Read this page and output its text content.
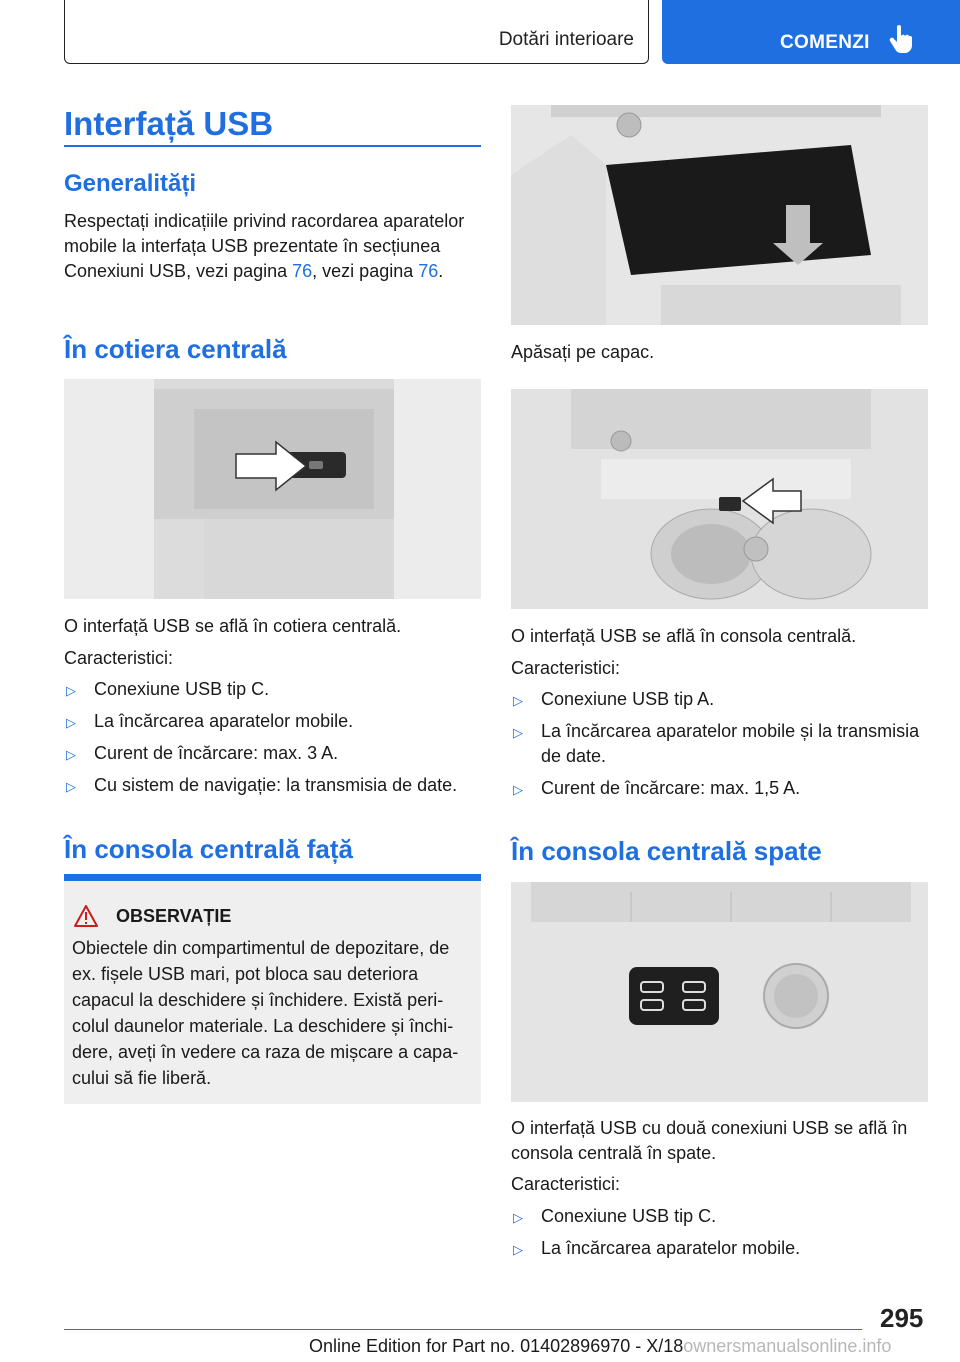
Dotări interioare	COMENZI
Interfață USB
Generalități

Respectați indicațiile privind racordarea aparatelor mobile la interfața USB prezentate în secțiunea Conexiuni USB, vezi pagina 76, vezi pagina 76.

În cotiera centrală

O interfață USB se află în cotiera centrală.

Caracteristici:

▷ Conexiune USB tip C.
▷ La încărcarea aparatelor mobile.
▷ Curent de încărcare: max. 3 A.
▷ Cu sistem de navigație: la transmisia de date.
În consola centrală față
OBSERVAȚIE

Obiectele din compartimentul de depozitare, de ex. fișele USB mari, pot bloca sau deteriora capacul la deschidere și închidere. Există pericolul daunelor materiale. La deschidere și închidere, aveți în vedere ca raza de mișcare a capacului să fie liberă.

Apăsați pe capac.

O interfață USB se află în consola centrală.

Caracteristici:

▷ Conexiune USB tip A.
▷ La încărcarea aparatelor mobile și la transmisia de date.
▷ Curent de încărcare: max. 1,5 A.
În consola centrală spate

O interfață USB cu două conexiuni USB se află în consola centrală în spate.

Caracteristici:

▷ Conexiune USB tip C.
▷ La încărcarea aparatelor mobile.
295
Online Edition for Part no. 01402896970 - X/18ownersmanualsonline.info
